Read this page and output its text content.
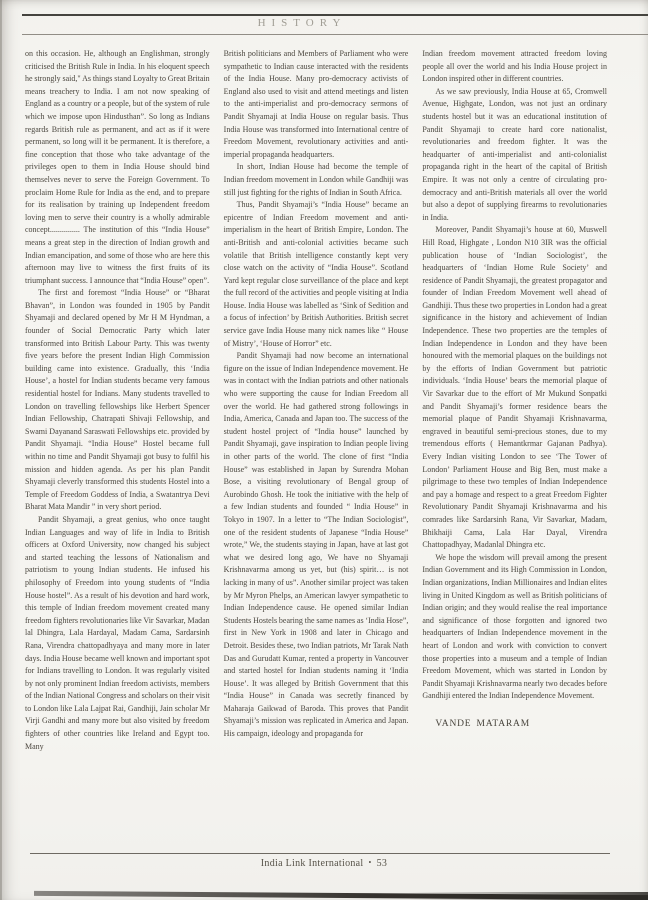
HISTORY

on this occasion. He, although an Englishman, strongly criticised the British Rule in India. In his eloquent speech he strongly said," As things stand Loyalty to Great Britain means treachery to India. I am not now speaking of England as a country or a people, but of the system of rule which we impose upon Hindusthan”. So long as Indians regards British rule as permanent, and act as if it were permanent, so long will it be permanent. It is therefore, a fine conception that those who take advantage of the privileges open to them in India House should bind themselves never to serve the Foreign Government. To proclaim Home Rule for India as the end, and to prepare for its realisation by training up Independent freedom loving men to serve their country is a wholly admirable concept............... The institution of this “India House” means a great step in the direction of Indian growth and Indian emancipation, and some of those who are here this afternoon may live to witness the first fruits of its triumphant success. I announce that “India House” open”.

The first and foremost “India House” or “Bharat Bhavan”, in London was founded in 1905 by Pandit Shyamaji and declared opened by Mr H M Hyndman, a founder of Social Democratic Party which later transformed into British Labour Party. This was twenty five years before the present Indian High Commission building came into existence. Gradually, this ‘India House’, a hostel for Indian students became very famous residential hostel for Indians. Many students travelled to London on travelling fellowships like Herbert Spencer Indian Fellowship, Chatrapati Shivaji Fellowship, and Swami Dayanand Saraswati Fellowships etc. provided by Pandit Shyamaji. “India House” Hostel became full within no time and Pandit Shyamaji got busy to fulfil his mission and hidden agenda. As per his plan Pandit Shyamaji cleverly transformed this students Hostel into a Temple of Freedom Goddess of India, a Swatantrya Devi Bharat Mata Mandir ” in very short period.

Pandit Shyamaji, a great genius, who once taught Indian Languages and way of life in India to British officers at Oxford University, now changed his subject and started teaching the lessons of Nationalism and patriotism to young Indian students. He infused his philosophy of Freedom into young students of “India House hostel”. As a result of his devotion and hard work, this temple of Indian freedom movement created many freedom fighters revolutionaries like Vir Savarkar, Madan lal Dhingra, Lala Hardayal, Madam Cama, Sardarsinh Rana, Virendra chattopadhyaya and many more in later days. India House became well known and important spot for Indians travelling to London. It was regularly visited by not only prominent Indian freedom activists, members of the Indian National Congress and scholars on their visit to London like Lala Lajpat Rai, Gandhiji, Jain scholar Mr Virji Gandhi and many more but also visited by freedom fighters of other countries like Ireland and Egypt too. Many

British politicians and Members of Parliament who were sympathetic to Indian cause interacted with the residents of the India House. Many pro-democracy activists of England also used to visit and attend meetings and listen to the anti-imperialist and pro-democracy sermons of Pandit Shyamaji at India House on regular basis. Thus India House was transformed into International centre of Freedom Movement, revolutionary activities and anti-imperial propaganda headquarters.

In short, Indian House had become the temple of Indian freedom movement in London while Gandhiji was still just fighting for the rights of Indian in South Africa.

Thus, Pandit Shyamaji’s “India House” became an epicentre of Indian Freedom movement and anti-imperialism in the heart of British Empire, London. The anti-British and anti-colonial activities became such volatile that British intelligence constantly kept very close watch on the activity of “India House”. Scotland Yard kept regular close surveillance of the place and kept the full record of the activities and people visiting at India House. India House was labelled as ‘Sink of Sedition and a focus of infection’ by British Authorities. British secret service gave India House many nick names like “ House of Mistry’, ‘House of Horror” etc.

Pandit Shyamaji had now become an international figure on the issue of Indian Independence movement. He was in contact with the Indian patriots and other nationals who were supporting the cause for Indian Freedom all over the world. He had gathered strong followings in India, America, Canada and Japan too. The success of the student hostel project of “India house” launched by Pandit Shyamaji, gave inspiration to Indian people living in other parts of the world. The clone of first “India House” was established in Japan by Surendra Mohan Bose, a visiting revolutionary of Bengal group of Aurobindo Ghosh. He took the initiative with the help of a few Indian students and founded “ India House” in Tokyo in 1907. In a letter to “The Indian Sociologist”, one of the resident students of Japanese “India House” wrote,” We, the students staying in Japan, have at last got what we desired long ago, We have no Shyamaji Krishnavarma among us yet, but (his) spirit… is not lacking in many of us”. Another similar project was taken by Mr Myron Phelps, an American lawyer sympathetic to Indian Independence cause. He opened similar Indian Students Hostels bearing the same names as ‘India Hose”, first in New York in 1908 and later in Chicago and Detroit. Besides these, two Indian patriots, Mr Tarak Nath Das and Gurudatt Kumar, rented a property in Vancouver and started hostel for Indian students naming it ‘India House’. It was alleged by British Government that this “India House” in Canada was secretly financed by Maharaja Gaikwad of Baroda. This proves that Pandit Shyamaji’s mission was replicated in America and Japan. His campaign, ideology and propaganda for

Indian freedom movement attracted freedom loving people all over the world and his India House project in London inspired other in different countries.

As we saw previously, India House at 65, Cromwell Avenue, Highgate, London, was not just an ordinary students hostel but it was an educational institution of Pandit Shyamaji to create hard core nationalist, revolutionaries and freedom fighter. It was the headquarter of anti-imperialist and anti-colonialist propaganda right in the heart of the capital of British Empire. It was not only a centre of circulating pro-democracy and anti-British materials all over the world but also a depot of supplying firearms to revolutionaries in India.

Moreover, Pandit Shyamaji’s house at 60, Muswell Hill Road, Highgate , London N10 3IR was the official publication house of ‘Indian Sociologist’, the headquarters of ‘Indian Home Rule Society’ and residence of Pandit Shyamaji, the greatest propagator and founder of Indian Freedom Movement well ahead of Gandhiji. Thus these two properties in London had a great significance in the history and achievement of Indian Independence. These two properties are the temples of Indian Independence in London and they have been honoured with the memorial plaques on the buildings not by the efforts of Indian Government but patriotic individuals. ‘India House’ bears the memorial plaque of Vir Savarkar due to the effort of Mr Mukund Sonpatki and Pandit Shyamaji’s former residence bears the memorial plaque of Pandit Shyamaji Krishnavarma, engraved in beautiful semi-precious stones, due to my tremendous efforts ( Hemantkrmar Gajanan Padhya). Every Indian visiting London to see ‘The Tower of London’ Parliament House and Big Ben, must make a pilgrimage to these two temples of Indian Independence and pay a homage and respect to a great Freedom Fighter Revolutionary Pandit Shyamaji Krishnavarma and his comrades like Sardarsinh Rana, Vir Savarkar, Madam, Bhikhaiji Cama, Lala Har Dayal, Virendra Chattopadhyay, Madanlal Dhingra etc.

We hope the wisdom will prevail among the present Indian Government and its High Commission in London, Indian organizations, Indian Millionaires and Indian elites living in United Kingdom as well as British politicians of Indian origin; and they would realise the real importance and significance of those forgotten and ignored two headquarters of Indian Independence movement in the heart of London and work with conviction to convert those properties into a museum and a temple of Indian Freedom Movement, which was started in London by Pandit Shyamaji Krishnavarma nearly two decades before Gandhiji entered the Indian Independence Movement.

VANDE MATARAM

India Link International • 53
